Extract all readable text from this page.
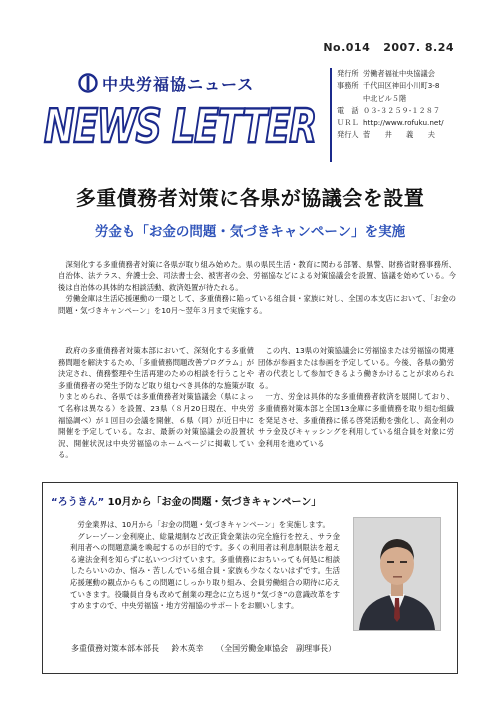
No.014 2007. 8.24
中央労福協ニュース
NEWS LETTER
発行所 労働者福祉中央協議会
事務所 千代田区神田小川町3-8
中北ビル５階
電　話 ０３-３２５９-１２８７
ＵＲＬ http://www.rofuku.net/
発行人 菅　　井　　義　　夫
多重債務者対策に各県が協議会を設置
労金も「お金の問題・気づきキャンペーン」を実施

深刻化する多重債務者対策に各県が取り組み始めた。県の県民生活・教育に関わる部署、県警、財務省財務事務所、自治体、法テラス、弁護士会、司法書士会、被害者の会、労福協などによる対策協議会を設置、協議を始めている。今後は自治体の具体的な相談活動、救済処置が待たれる。

労働金庫は生活応援運動の一環として、多重債務に陥っている組合員・家族に対し、全国の本支店において、「お金の問題・気づきキャンペーン」を10月〜翌年３月まで実施する。

政府の多重債務者対策本部において、深刻化する多重債務問題を解決するため、「多重債務問題改善プログラム」が決定され、債務整理や生活再建のための相談を行うことや多重債務者の発生予防など取り組むべき具体的な施策が取りまとめられ、各県では多重債務者対策協議会（県によって名称は異なる）を設置、23県（８月20日現在、中央労福協調べ）が１回目の会議を開催、６県（同）が近日中に開催を予定している。なお、最新の対策協議会の設置状況、開催状況は中央労福協のホームページに掲載している。

この内、13県の対策協議会に労福協または労福協の関連団体が参画または参画を予定している。今後、各県の勤労者の代表として参加できるよう働きかけることが求められる。

一方、労金は具体的な多重債務者救済を展開しており、多重債務対策本部と全国13金庫に多重債務を取り組む組織を発足させ、多重債務に係る啓発活動を強化し、高金利のサラ金及びキャッシングを利用している組合員を対象に労金利用を進めている

“ろうきん” 10月から「お金の問題・気づきキャンペーン」

労金業界は、10月から「お金の問題・気づきキャンペーン」を実施します。

グレーゾーン金利廃止、総量規制など改正貸金業法の完全施行を控え、サラ金利用者への問題意識を喚起するのが目的です。多くの利用者は利息制限法を超える違法金利を知らずに払いつづけています。多重債務におちいっても何処に相談したらいいのか、悩み・苦しんでいる組合員・家族も少なくないはずです。生活応援運動の観点からもこの問題にしっかり取り組み、会員労働組合の期待に応えていきます。役職員自身も改めて創業の理念に立ち返り“気づき”の意識改革をすすめますので、中央労福協・地方労福協のサポートをお願いします。

多重債務対策本部本部長 鈴木英幸 （全国労働金庫協会　副理事長）
